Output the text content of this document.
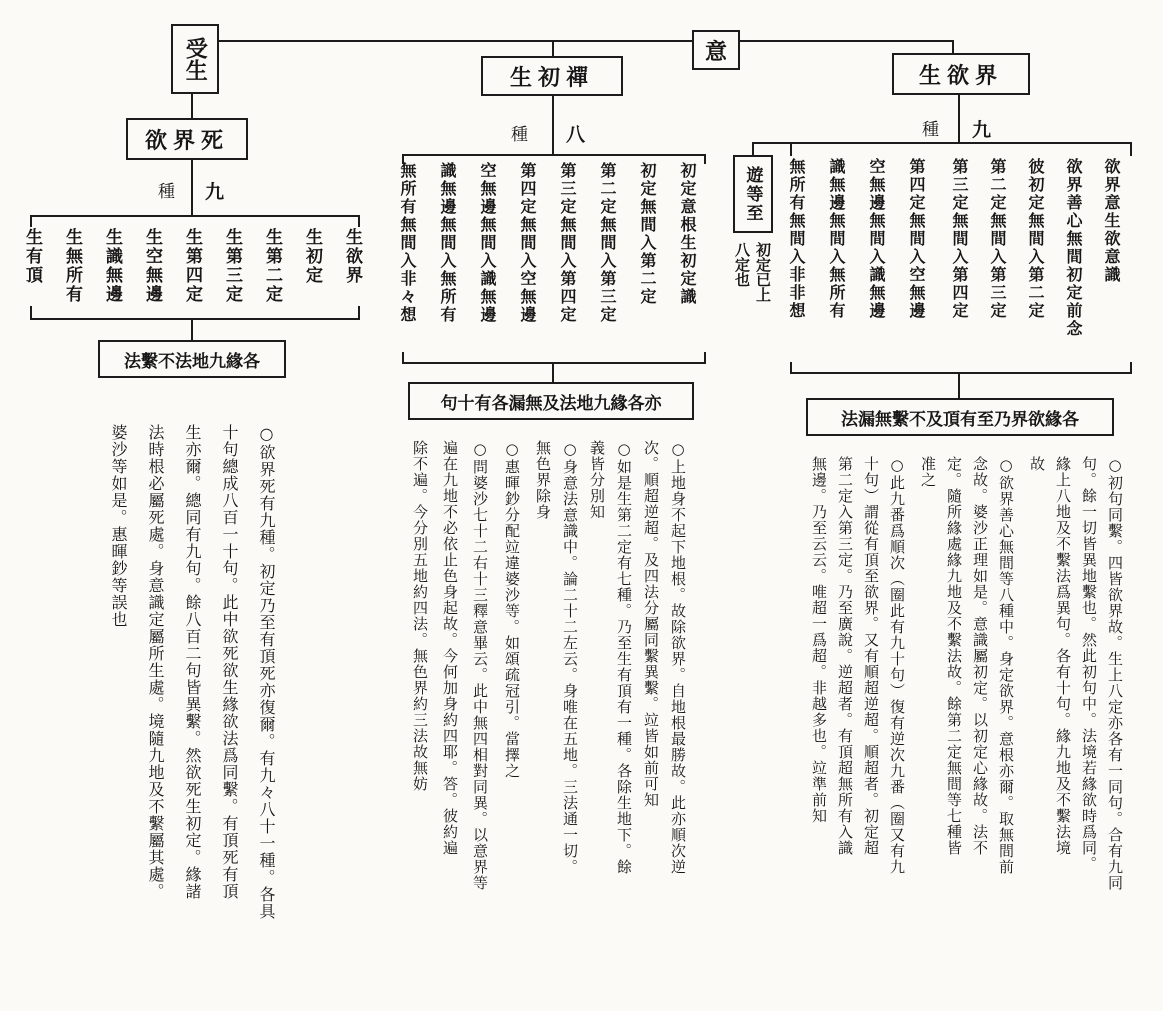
意
受生	生初禪	生欲界
欲界死
種 九
生欲界
生初定
生第二定
生第三定
生第四定
生空無邊
生識無邊
生無所有
生有頂
各緣九地法不繫法
○欲界死有九種。初定乃至有頂死亦復爾。有九々八十一種。各具
十句總成八百一十句。此中欲死欲生緣欲法爲同繫。有頂死有頂
生亦爾。總同有九句。餘八百二句皆異繫。然欲死生初定。緣諸
法時根必屬死處。身意識定屬所生處。境隨九地及不繫屬其處。
婆沙等如是。惠暉鈔等誤也
種 八
初定意根生初定識
初定無間入第二定
第二定無間入第三定
第三定無間入第四定
第四定無間入空無邊
空無邊無間入識無邊
識無邊無間入無所有
無所有無間入非々想
亦各緣九地法及無漏各有十句
○上地身不起下地根。故除欲界。自地根最勝故。此亦順次逆
次。順超逆超。及四法分屬同繫異繫。竝皆如前可知
○如是生第二定有七種。乃至生有頂有一種。各除生地下。餘
義皆分別知
○身意法意識中。論二十二左云。身唯在五地。三法通一切。
無色界除身
○惠暉鈔分配竝違婆沙等。如頌疏冠引。當擇之
○問婆沙七十二右十三釋意畢云。此中無四相對同異。以意界等
遍在九地不必依止色身起故。今何加身約四耶。答。彼約遍
除不遍。今分別五地約四法。無色界約三法故無妨
種 九
至等遊
初定已上八定也	欲界意生欲意識
欲界善心無間初定前念
彼初定無間入第二定
第二定無間入第三定
第三定無間入第四定
第四定無間入空無邊
空無邊無間入識無邊
識無邊無間入無所有
無所有無間入非非想
各緣欲界乃至有頂及不繫無漏法
○初句同繫。四皆欲界故。生上八定亦各有一同句。合有九同
句。餘一切皆異地繫也。然此初句中。法境若緣欲時爲同。
緣上八地及不繫法爲異句。各有十句。緣九地及不繫法境
故
○欲界善心無間等八種中。身定欲界。意根亦爾。取無間前
念故。婆沙正理如是。意識屬初定。以初定心緣故。法不
定。隨所緣處緣九地及不繫法故。餘第二定無間等七種皆
准之
○此九番爲順次（圈此有九十句）復有逆次九番（圈又有九
十句）謂從有頂至欲界。又有順超逆超。順超者。初定超
第二定入第三定。乃至廣說。逆超者。有頂超無所有入識
無邊。乃至云云。唯超一爲超。非越多也。竝準前知
